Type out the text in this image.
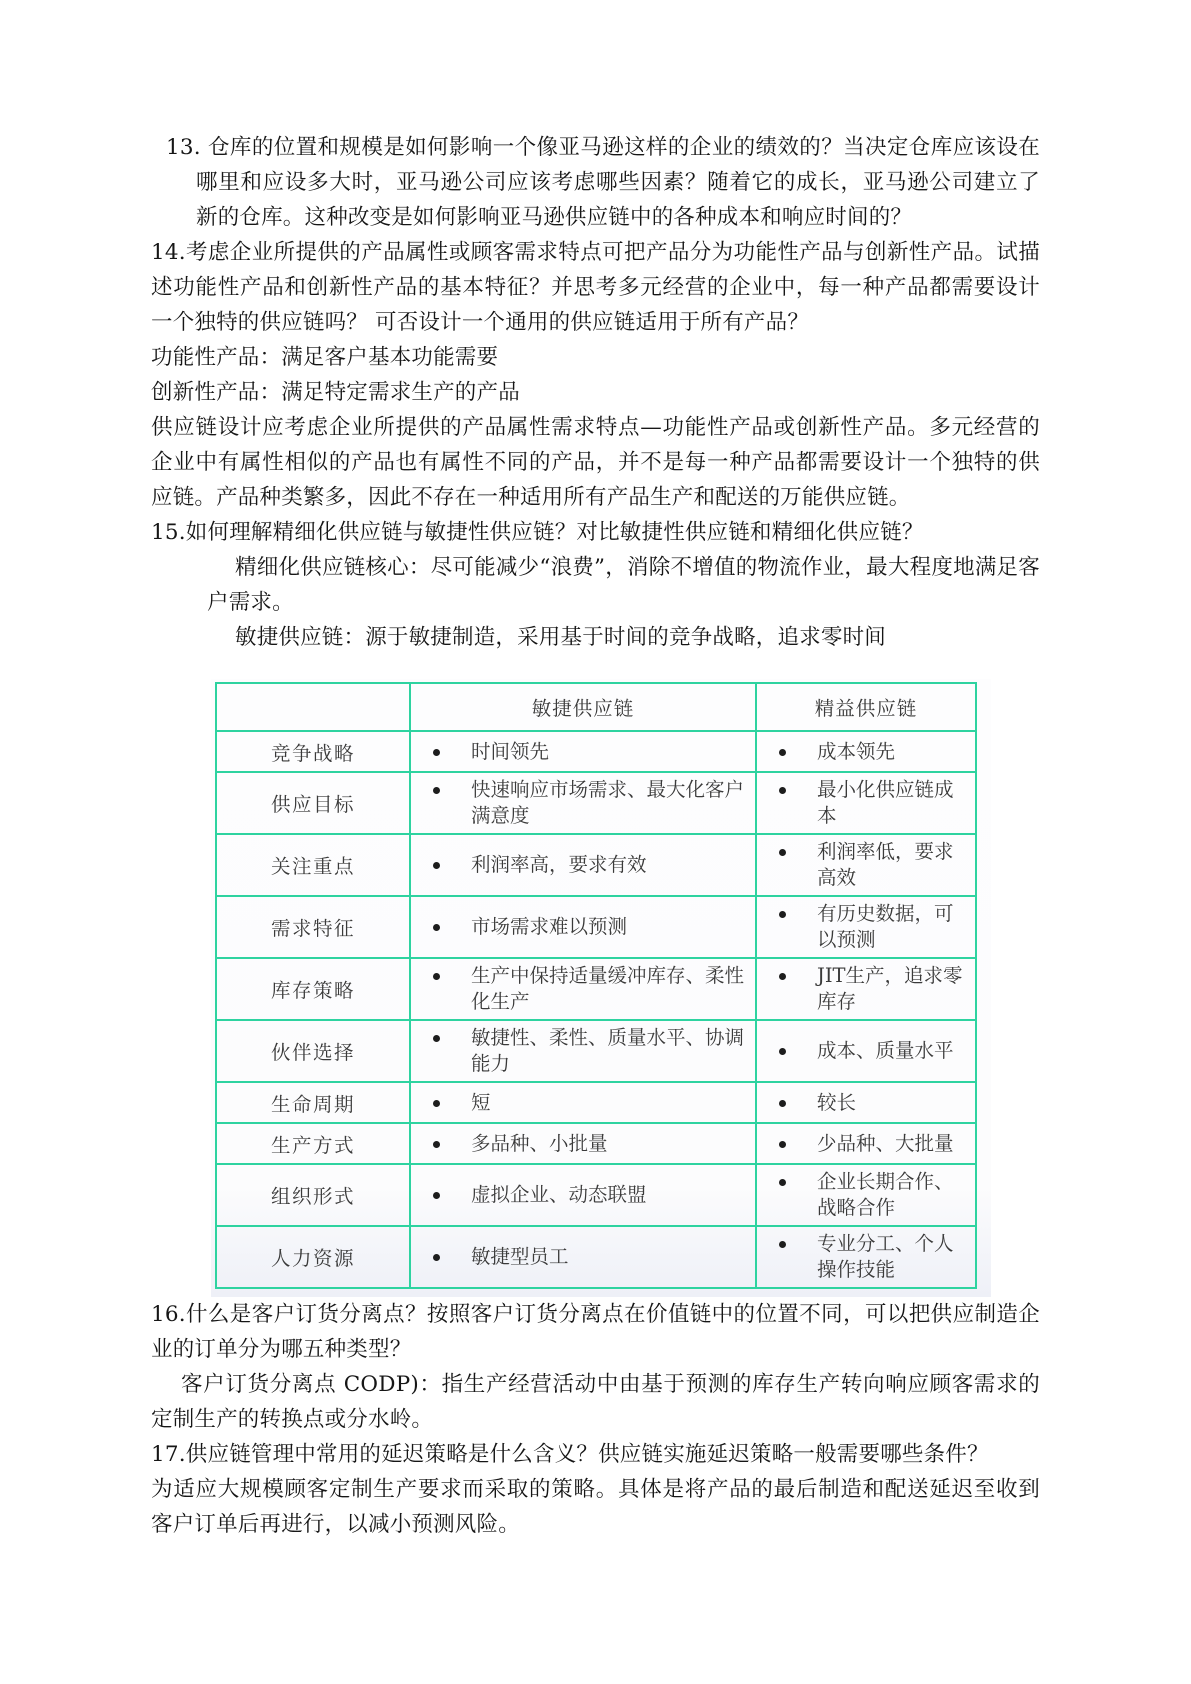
13. 仓库的位置和规模是如何影响一个像亚马逊这样的企业的绩效的？当决定仓库应该设在哪里和应设多大时，亚马逊公司应该考虑哪些因素？随着它的成长，亚马逊公司建立了新的仓库。这种改变是如何影响亚马逊供应链中的各种成本和响应时间的？

14.考虑企业所提供的产品属性或顾客需求特点可把产品分为功能性产品与创新性产品。试描述功能性产品和创新性产品的基本特征？并思考多元经营的企业中，每一种产品都需要设计一个独特的供应链吗？ 可否设计一个通用的供应链适用于所有产品？

功能性产品：满足客户基本功能需要

创新性产品：满足特定需求生产的产品

供应链设计应考虑企业所提供的产品属性需求特点—功能性产品或创新性产品。多元经营的企业中有属性相似的产品也有属性不同的产品，并不是每一种产品都需要设计一个独特的供应链。产品种类繁多，因此不存在一种适用所有产品生产和配送的万能供应链。

15.如何理解精细化供应链与敏捷性供应链？对比敏捷性供应链和精细化供应链？

精细化供应链核心：尽可能减少“浪费”，消除不增值的物流作业，最大程度地满足客户需求。

敏捷供应链：源于敏捷制造，采用基于时间的竞争战略，追求零时间

	敏捷供应链	精益供应链
竞争战略	时间领先	成本领先

供应目标	快速响应市场需求、最大化客户满意度	最小化供应链成本

关注重点	利润率高，要求有效	利润率低，要求高效

需求特征	市场需求难以预测	有历史数据，可以预测

库存策略	生产中保持适量缓冲库存、柔性化生产	JIT生产，追求零库存

伙伴选择	敏捷性、柔性、质量水平、协调能力	成本、质量水平

生命周期	短	较长

生产方式	多品种、小批量	少品种、大批量

组织形式	虚拟企业、动态联盟	企业长期合作、战略合作

人力资源	敏捷型员工	专业分工、个人操作技能

16.什么是客户订货分离点？按照客户订货分离点在价值链中的位置不同，可以把供应制造企业的订单分为哪五种类型？

客户订货分离点 CODP)：指生产经营活动中由基于预测的库存生产转向响应顾客需求的定制生产的转换点或分水岭。

17.供应链管理中常用的延迟策略是什么含义？供应链实施延迟策略一般需要哪些条件？

为适应大规模顾客定制生产要求而采取的策略。具体是将产品的最后制造和配送延迟至收到客户订单后再进行，以减小预测风险。
